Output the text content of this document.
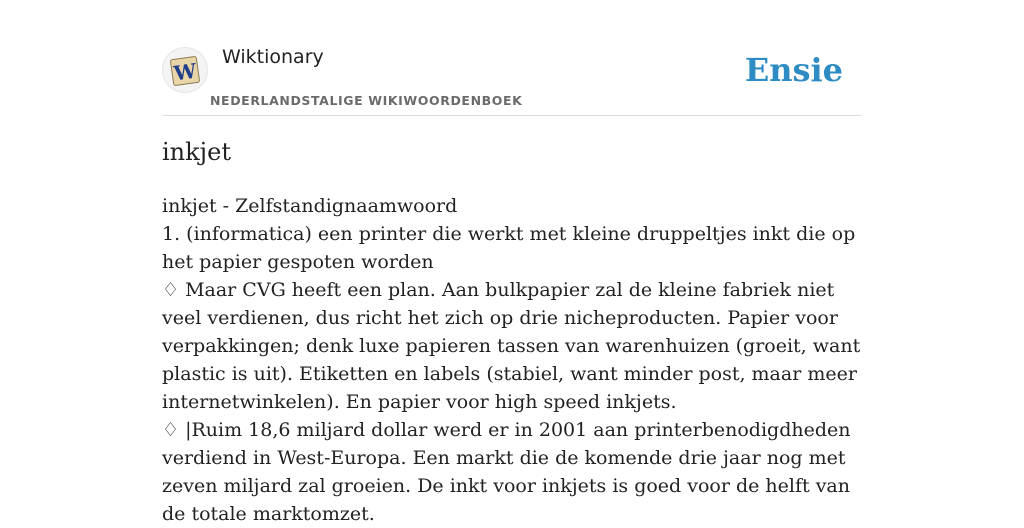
W
Wiktionary
NEDERLANDSTALIGE WIKIWOORDENBOEK
Ensie
inkjet

inkjet - Zelfstandignaamwoord

1. (informatica) een printer die werkt met kleine druppeltjes inkt die op het papier gespoten worden

♢ Maar CVG heeft een plan. Aan bulkpapier zal de kleine fabriek niet veel verdienen, dus richt het zich op drie nicheproducten. Papier voor verpakkingen; denk luxe papieren tassen van warenhuizen (groeit, want plastic is uit). Etiketten en labels (stabiel, want minder post, maar meer internetwinkelen). En papier voor high speed inkjets.

♢ |Ruim 18,6 miljard dollar werd er in 2001 aan printerbenodigdheden verdiend in West-Europa. Een markt die de komende drie jaar nog met zeven miljard zal groeien. De inkt voor inkjets is goed voor de helft van de totale marktomzet.
